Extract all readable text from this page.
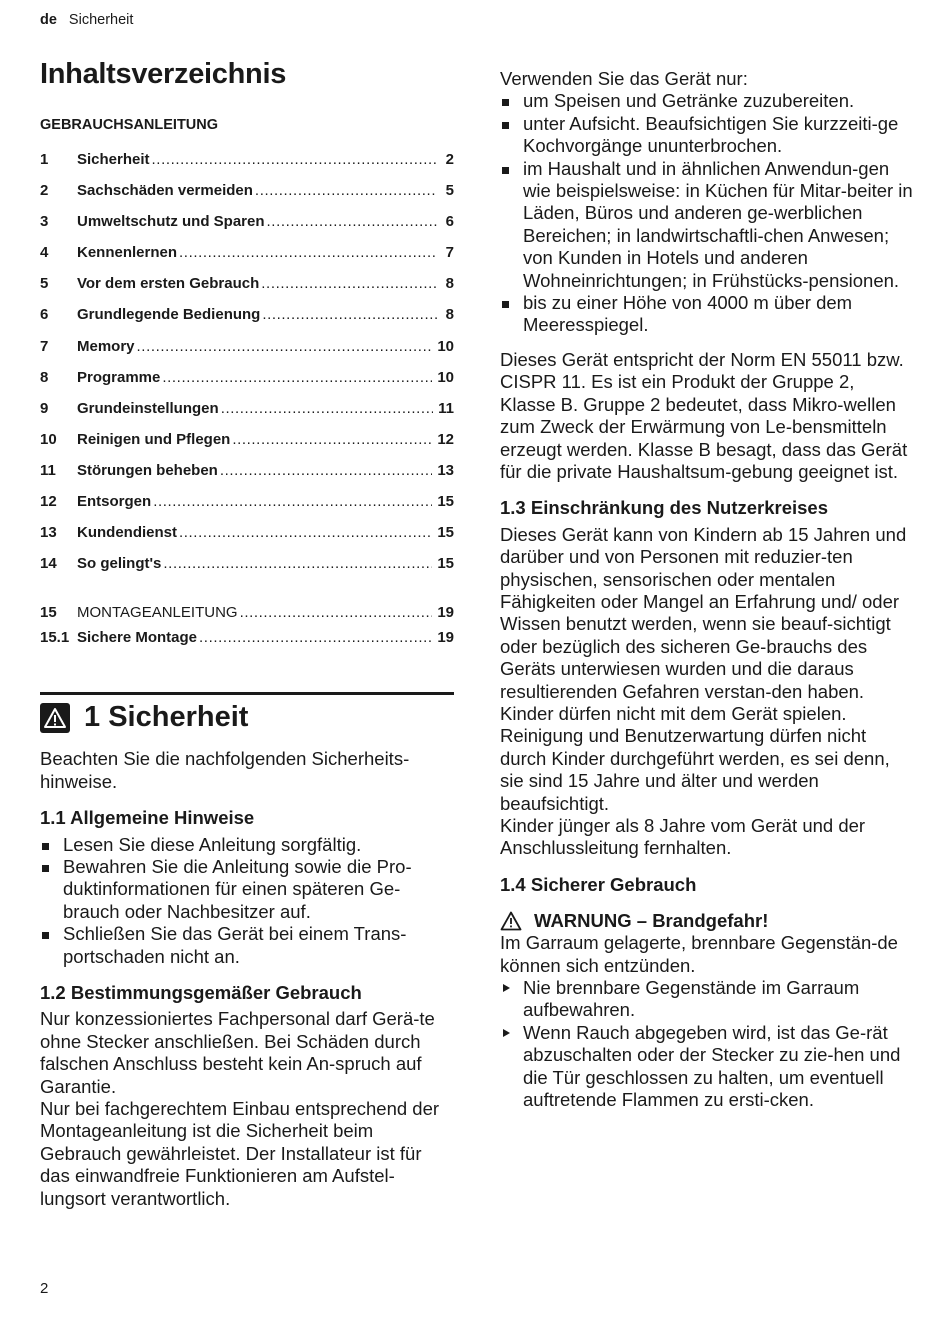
de Sicherheit
Inhaltsverzeichnis
GEBRAUCHSANLEITUNG
1	Sicherheit .....	2
2	Sachschäden vermeiden .....	5
3	Umweltschutz und Sparen .....	6
4	Kennenlernen .....	7
5	Vor dem ersten Gebrauch .....	8
6	Grundlegende Bedienung .....	8
7	Memory .....	10
8	Programme .....	10
9	Grundeinstellungen .....	11
10	Reinigen und Pflegen .....	12
11	Störungen beheben .....	13
12	Entsorgen .....	15
13	Kundendienst .....	15
14	So gelingt's .....	15
15	MONTAGEANLEITUNG .....	19
15.1 Sichere Montage .....	19
1 Sicherheit

Beachten Sie die nachfolgenden Sicherheits-hinweise.

1.1 Allgemeine Hinweise
Lesen Sie diese Anleitung sorgfältig.
Bewahren Sie die Anleitung sowie die Pro-duktinformationen für einen späteren Ge-brauch oder Nachbesitzer auf.
Schließen Sie das Gerät bei einem Trans-portschaden nicht an.
1.2 Bestimmungsgemäßer Gebrauch

Nur konzessioniertes Fachpersonal darf Gerä-te ohne Stecker anschließen. Bei Schäden durch falschen Anschluss besteht kein An-spruch auf Garantie.

Nur bei fachgerechtem Einbau entsprechend der Montageanleitung ist die Sicherheit beim Gebrauch gewährleistet. Der Installateur ist für das einwandfreie Funktionieren am Aufstel-lungsort verantwortlich.

Verwenden Sie das Gerät nur:

um Speisen und Getränke zuzubereiten.
unter Aufsicht. Beaufsichtigen Sie kurzzeiti-ge Kochvorgänge ununterbrochen.
im Haushalt und in ähnlichen Anwendun-gen wie beispielsweise: in Küchen für Mitar-beiter in Läden, Büros und anderen ge-werblichen Bereichen; in landwirtschaftli-chen Anwesen; von Kunden in Hotels und anderen Wohneinrichtungen; in Frühstücks-pensionen.
bis zu einer Höhe von 4000 m über dem Meeresspiegel.

Dieses Gerät entspricht der Norm EN 55011 bzw. CISPR 11. Es ist ein Produkt der Gruppe 2, Klasse B. Gruppe 2 bedeutet, dass Mikro-wellen zum Zweck der Erwärmung von Le-bensmitteln erzeugt werden. Klasse B besagt, dass das Gerät für die private Haushaltsum-gebung geeignet ist.

1.3 Einschränkung des Nutzerkreises

Dieses Gerät kann von Kindern ab 15 Jahren und darüber und von Personen mit reduzier-ten physischen, sensorischen oder mentalen Fähigkeiten oder Mangel an Erfahrung und/ oder Wissen benutzt werden, wenn sie beauf-sichtigt oder bezüglich des sicheren Ge-brauchs des Geräts unterwiesen wurden und die daraus resultierenden Gefahren verstan-den haben.

Kinder dürfen nicht mit dem Gerät spielen.

Reinigung und Benutzerwartung dürfen nicht durch Kinder durchgeführt werden, es sei denn, sie sind 15 Jahre und älter und werden beaufsichtigt.

Kinder jünger als 8 Jahre vom Gerät und der Anschlussleitung fernhalten.

1.4 Sicherer Gebrauch
WARNUNG – Brandgefahr!

Im Garraum gelagerte, brennbare Gegenstän-de können sich entzünden.

Nie brennbare Gegenstände im Garraum aufbewahren.
Wenn Rauch abgegeben wird, ist das Ge-rät abzuschalten oder der Stecker zu zie-hen und die Tür geschlossen zu halten, um eventuell auftretende Flammen zu ersti-cken.
2
